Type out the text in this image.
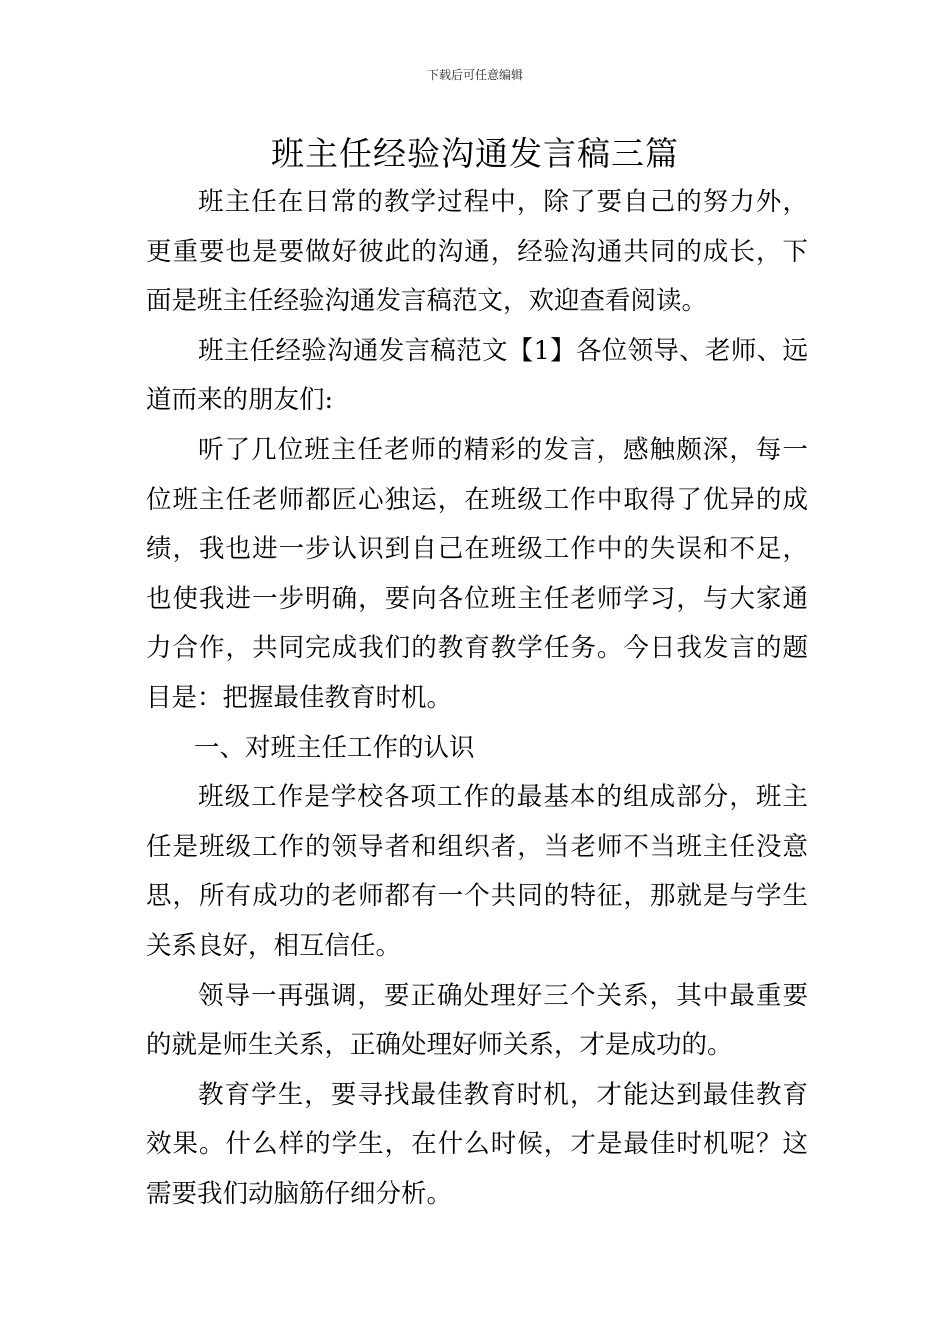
下载后可任意编辑
班主任经验沟通发言稿三篇

班主任在日常的教学过程中，除了要自己的努力外，更重要也是要做好彼此的沟通，经验沟通共同的成长，下面是班主任经验沟通发言稿范文，欢迎查看阅读。

班主任经验沟通发言稿范文【1】各位领导、老师、远道而来的朋友们:

听了几位班主任老师的精彩的发言，感触颇深，每一位班主任老师都匠心独运，在班级工作中取得了优异的成绩，我也进一步认识到自己在班级工作中的失误和不足，也使我进一步明确，要向各位班主任老师学习，与大家通力合作，共同完成我们的教育教学任务。今日我发言的题目是：把握最佳教育时机。

一、对班主任工作的认识

班级工作是学校各项工作的最基本的组成部分，班主任是班级工作的领导者和组织者，当老师不当班主任没意思，所有成功的老师都有一个共同的特征，那就是与学生关系良好，相互信任。

领导一再强调，要正确处理好三个关系，其中最重要的就是师生关系，正确处理好师关系，才是成功的。

教育学生，要寻找最佳教育时机，才能达到最佳教育效果。什么样的学生，在什么时候，才是最佳时机呢？这需要我们动脑筋仔细分析。
